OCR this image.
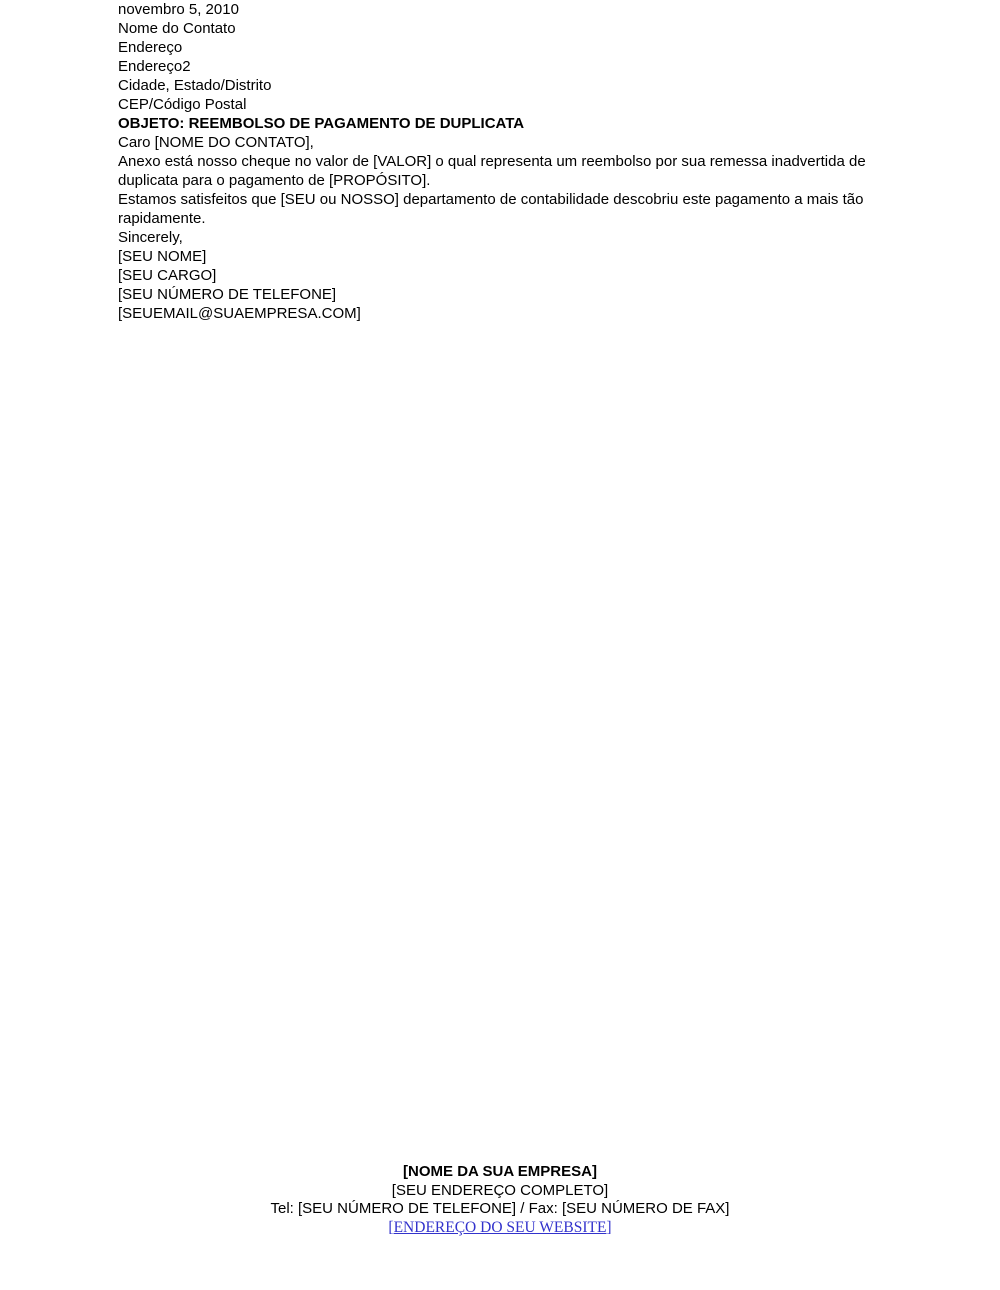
novembro 5, 2010
Nome do Contato
Endereço
Endereço2
Cidade, Estado/Distrito
CEP/Código Postal
OBJETO: REEMBOLSO DE PAGAMENTO DE DUPLICATA
Caro [NOME DO CONTATO],

Anexo está nosso cheque no valor de [VALOR] o qual representa um reembolso por sua remessa inadvertida de duplicata para o pagamento de [PROPÓSITO].

Estamos satisfeitos que [SEU ou NOSSO] departamento de contabilidade descobriu este pagamento a mais tão rapidamente.

Sincerely,
[SEU NOME]
[SEU CARGO]
[SEU NÚMERO DE TELEFONE]
[SEUEMAIL@SUAEMPRESA.COM]
[NOME DA SUA EMPRESA]
[SEU ENDEREÇO COMPLETO]
Tel: [SEU NÚMERO DE TELEFONE] / Fax: [SEU NÚMERO DE FAX]
[ENDEREÇO DO SEU WEBSITE]
